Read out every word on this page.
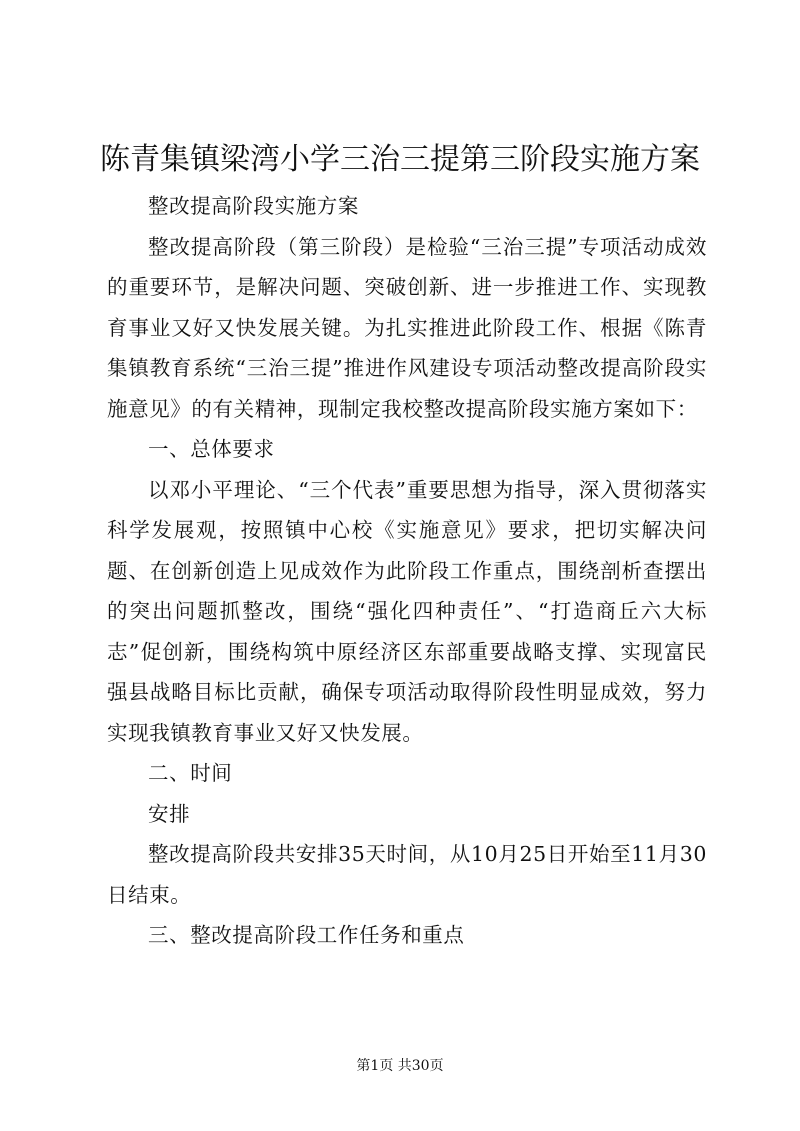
陈青集镇梁湾小学三治三提第三阶段实施方案

整改提高阶段实施方案

整改提高阶段（第三阶段）是检验“三治三提”专项活动成效的重要环节，是解决问题、突破创新、进一步推进工作、实现教育事业又好又快发展关键。为扎实推进此阶段工作、根据《陈青集镇教育系统“三治三提”推进作风建设专项活动整改提高阶段实施意见》的有关精神，现制定我校整改提高阶段实施方案如下：

一、总体要求

以邓小平理论、“三个代表”重要思想为指导，深入贯彻落实科学发展观，按照镇中心校《实施意见》要求，把切实解决问题、在创新创造上见成效作为此阶段工作重点，围绕剖析查摆出的突出问题抓整改，围绕“强化四种责任”、“打造商丘六大标志”促创新，围绕构筑中原经济区东部重要战略支撑、实现富民强县战略目标比贡献，确保专项活动取得阶段性明显成效，努力实现我镇教育事业又好又快发展。

二、时间

安排

整改提高阶段共安排35天时间，从10月25日开始至11月30日结束。

三、整改提高阶段工作任务和重点

第1页 共30页
